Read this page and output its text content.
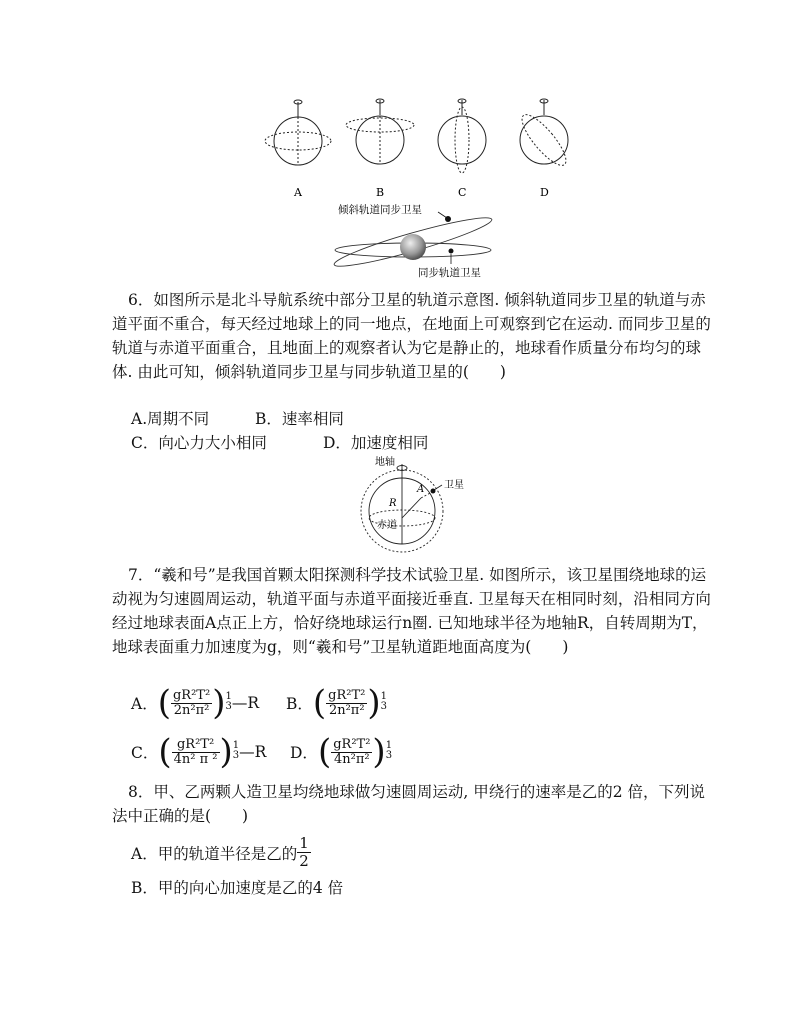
A	B	C	D
倾斜轨道同步卫星
同步轨道卫星
6．如图所示是北斗导航系统中部分卫星的轨道示意图. 倾斜轨道同步卫星的轨道与赤道平面不重合，每天经过地球上的同一地点，在地面上可观察到它在运动. 而同步卫星的轨道与赤道平面重合，且地面上的观察者认为它是静止的，地球看作质量分布均匀的球体. 由此可知，倾斜轨道同步卫星与同步轨道卫星的(　　)
A.周期不同	B．速率相同
C．向心力大小相同	D．加速度相同
地轴
卫星
A
R
赤道
7．“羲和号”是我国首颗太阳探测科学技术试验卫星. 如图所示，该卫星围绕地球的运动视为匀速圆周运动，轨道平面与赤道平面接近垂直. 卫星每天在相同时刻，沿相同方向经过地球表面A点正上方，恰好绕地球运行n圈. 已知地球半径为地轴R，自转周期为T，地球表面重力加速度为g，则“羲和号”卫星轨道距地面高度为(　　)
A． ( $\frac{\text{gR²T²}}{\text{2n²π²}}$ ) 1
3 —R B． ( $\frac{\text{gR²T²}}{\text{2n²π²}}$ ) 1
3
C． ( $\frac{\text{gR²T²}}{\text{4n² π ²}}$ ) 1
3 —R D． ( $\frac{\text{gR²T²}}{\text{4n²π²}}$ ) 1
3
8．甲、乙两颗人造卫星均绕地球做匀速圆周运动, 甲绕行的速率是乙的2 倍，下列说法中正确的是(　　)
A．甲的轨道半径是乙的 $\frac{1}{2}$
B．甲的向心加速度是乙的4 倍
